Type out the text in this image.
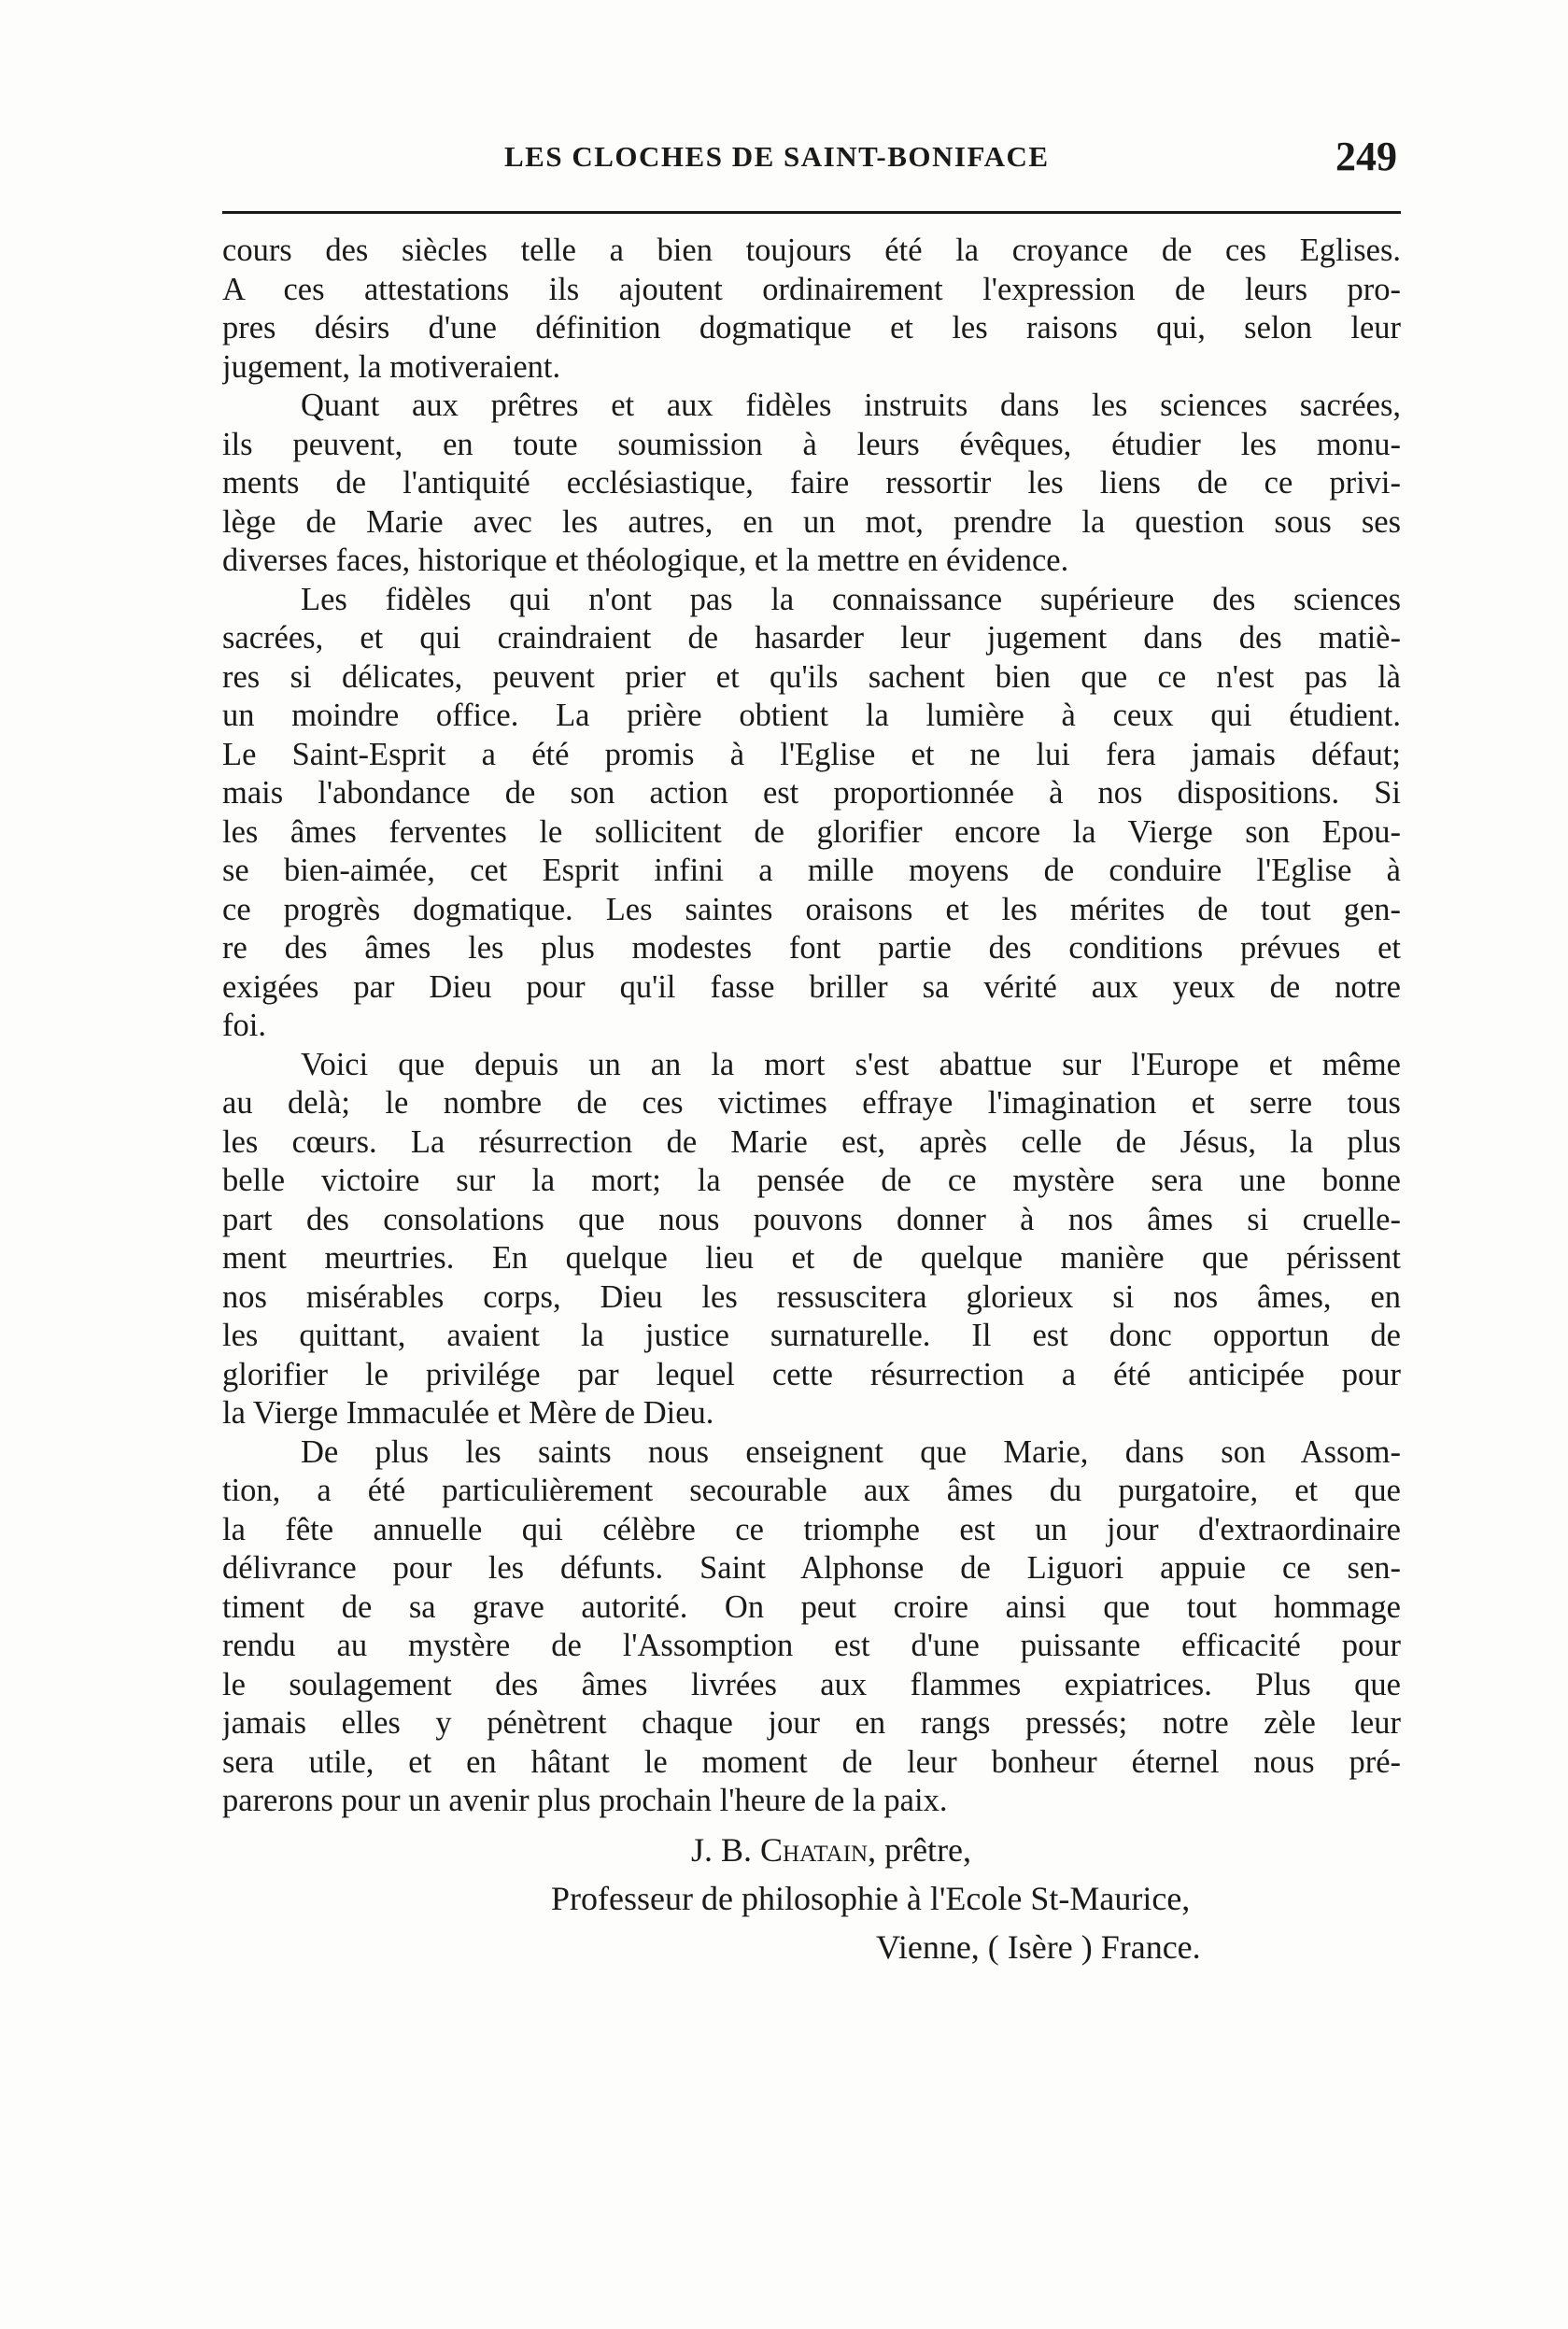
LES CLOCHES DE SAINT-BONIFACE	249
cours des siècles telle a bien toujours été la croyance de ces Eglises.
A ces attestations ils ajoutent ordinairement l'expression de leurs pro-
pres désirs d'une définition dogmatique et les raisons qui, selon leur
jugement, la motiveraient.
Quant aux prêtres et aux fidèles instruits dans les sciences sacrées,
ils peuvent, en toute soumission à leurs évêques, étudier les monu-
ments de l'antiquité ecclésiastique, faire ressortir les liens de ce privi-
lège de Marie avec les autres, en un mot, prendre la question sous ses
diverses faces, historique et théologique, et la mettre en évidence.
Les fidèles qui n'ont pas la connaissance supérieure des sciences
sacrées, et qui craindraient de hasarder leur jugement dans des matiè-
res si délicates, peuvent prier et qu'ils sachent bien que ce n'est pas là
un moindre office. La prière obtient la lumière à ceux qui étudient.
Le Saint-Esprit a été promis à l'Eglise et ne lui fera jamais défaut;
mais l'abondance de son action est proportionnée à nos dispositions. Si
les âmes ferventes le sollicitent de glorifier encore la Vierge son Epou-
se bien-aimée, cet Esprit infini a mille moyens de conduire l'Eglise à
ce progrès dogmatique. Les saintes oraisons et les mérites de tout gen-
re des âmes les plus modestes font partie des conditions prévues et
exigées par Dieu pour qu'il fasse briller sa vérité aux yeux de notre
foi.
Voici que depuis un an la mort s'est abattue sur l'Europe et même
au delà; le nombre de ces victimes effraye l'imagination et serre tous
les cœurs. La résurrection de Marie est, après celle de Jésus, la plus
belle victoire sur la mort; la pensée de ce mystère sera une bonne
part des consolations que nous pouvons donner à nos âmes si cruelle-
ment meurtries. En quelque lieu et de quelque manière que périssent
nos misérables corps, Dieu les ressuscitera glorieux si nos âmes, en
les quittant, avaient la justice surnaturelle. Il est donc opportun de
glorifier le privilége par lequel cette résurrection a été anticipée pour
la Vierge Immaculée et Mère de Dieu.
De plus les saints nous enseignent que Marie, dans son Assom-
tion, a été particulièrement secourable aux âmes du purgatoire, et que
la fête annuelle qui célèbre ce triomphe est un jour d'extraordinaire
délivrance pour les défunts. Saint Alphonse de Liguori appuie ce sen-
timent de sa grave autorité. On peut croire ainsi que tout hommage
rendu au mystère de l'Assomption est d'une puissante efficacité pour
le soulagement des âmes livrées aux flammes expiatrices. Plus que
jamais elles y pénètrent chaque jour en rangs pressés; notre zèle leur
sera utile, et en hâtant le moment de leur bonheur éternel nous pré-
parerons pour un avenir plus prochain l'heure de la paix.
J. B. Chatain, prêtre,
Professeur de philosophie à l'Ecole St-Maurice,
Vienne, ( Isère ) France.
